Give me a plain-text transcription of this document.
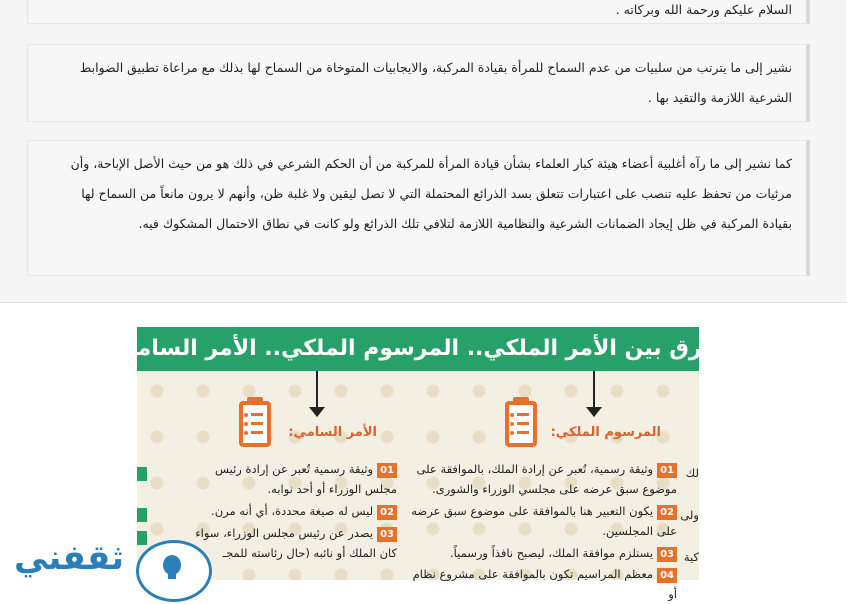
السلام عليكم ورحمة الله وبركاته .
نشير إلى ما يترتب من سلبيات من عدم السماح للمرأة بقيادة المركبة، والايجابيات المتوخاة من السماح لها بذلك مع مراعاة تطبيق الضوابط الشرعية اللازمة والتقيد بها .
كما نشير إلى ما رآه أغلبية أعضاء هيئة كبار العلماء بشأن قيادة المرأة للمركبة من أن الحكم الشرعي في ذلك هو من حيث الأصل الإباحة، وأن مرئيات من تحفظ عليه تنصب على اعتبارات تتعلق بسد الذرائع المحتملة التي لا تصل ليقين ولا غلبة ظن، وأنهم لا يرون مانعاً من السماح لها بقيادة المركبة في ظل إيجاد الضمانات الشرعية والنظامية اللازمة لتلافي تلك الذرائع ولو كانت في نطاق الاحتمال المشكوك فيه.
فرق بين الأمر الملكي.. المرسوم الملكي.. الأمر السامي وقرار مجـ
الأمر السامي:
01وثيقة رسمية تُعبر عن إرادة رئيس مجلس الوزراء أو أحد نوابه.
02ليس له صيغة محددة، أي أنه مرن.
03يصدر عن رئيس مجلس الوزراء، سواء كان الملك أو نائبه (حال رئاسته للمجـ
المرسوم الملكي:
01وثيقة رسمية، تُعبر عن إرادة الملك، بالموافقة على موضوع سبق عرضه على مجلسي الوزراء والشورى.
02يكون التعبير هنا بالموافقة على موضوع سبق عرضه على المجلسين.
03يستلزم موافقة الملك، ليصبح نافذاً ورسمياً.
04معظم المراسيم تكون بالموافقة على مشروع نظام أو
لك
ولى
كية
ثقفني
